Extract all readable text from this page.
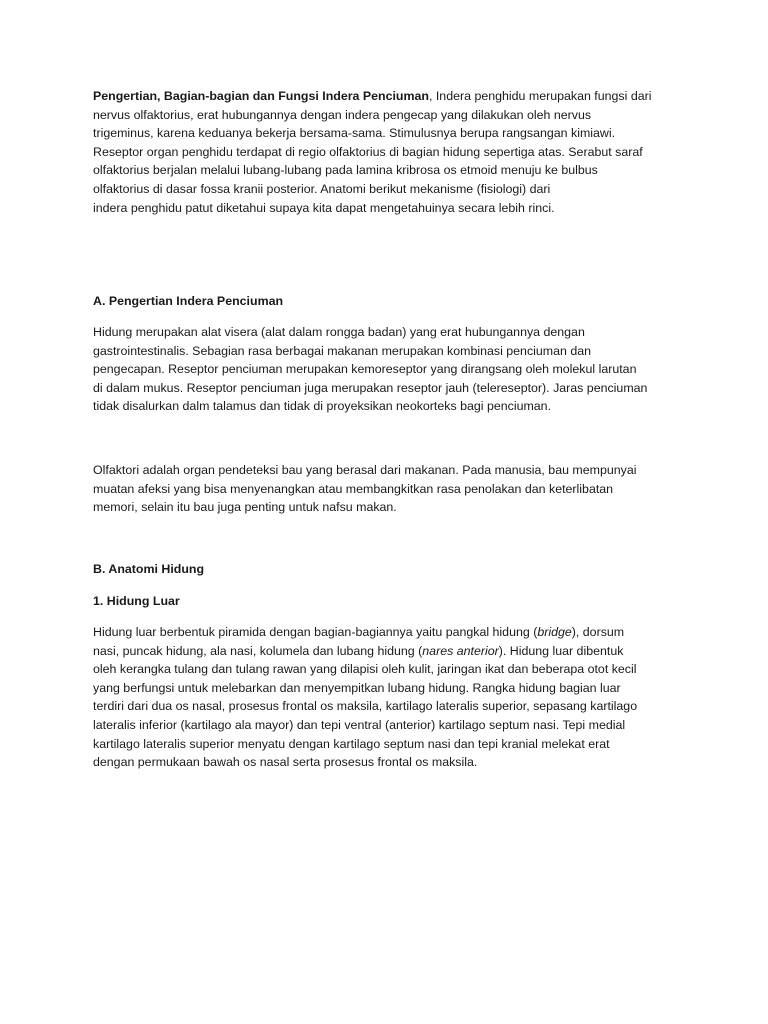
Pengertian, Bagian-bagian dan Fungsi Indera Penciuman, Indera penghidu merupakan fungsi dari
nervus olfaktorius, erat hubungannya dengan indera pengecap yang dilakukan oleh nervus
trigeminus, karena keduanya bekerja bersama-sama. Stimulusnya berupa rangsangan kimiawi.
Reseptor organ penghidu terdapat di regio olfaktorius di bagian hidung sepertiga atas. Serabut saraf
olfaktorius berjalan melalui lubang-lubang pada lamina kribrosa os etmoid menuju ke bulbus
olfaktorius di dasar fossa kranii posterior. Anatomi berikut mekanisme (fisiologi) dari
indera penghidu patut diketahui supaya kita dapat mengetahuinya secara lebih rinci.
A. Pengertian Indera Penciuman
Hidung merupakan alat visera (alat dalam rongga badan) yang erat hubungannya dengan
gastrointestinalis. Sebagian rasa berbagai makanan merupakan kombinasi penciuman dan
pengecapan. Reseptor penciuman merupakan kemoreseptor yang dirangsang oleh molekul larutan
di dalam mukus. Reseptor penciuman juga merupakan reseptor jauh (telereseptor). Jaras penciuman
tidak disalurkan dalm talamus dan tidak di proyeksikan neokorteks bagi penciuman.
Olfaktori adalah organ pendeteksi bau yang berasal dari makanan. Pada manusia, bau mempunyai
muatan afeksi yang bisa menyenangkan atau membangkitkan rasa penolakan dan keterlibatan
memori, selain itu bau juga penting untuk nafsu makan.
B. Anatomi Hidung
1. Hidung Luar
Hidung luar berbentuk piramida dengan bagian-bagiannya yaitu pangkal hidung (bridge), dorsum
nasi, puncak hidung, ala nasi, kolumela dan lubang hidung (nares anterior). Hidung luar dibentuk
oleh kerangka tulang dan tulang rawan yang dilapisi oleh kulit, jaringan ikat dan beberapa otot kecil
yang berfungsi untuk melebarkan dan menyempitkan lubang hidung. Rangka hidung bagian luar
terdiri dari dua os nasal, prosesus frontal os maksila, kartilago lateralis superior, sepasang kartilago
lateralis inferior (kartilago ala mayor) dan tepi ventral (anterior) kartilago septum nasi. Tepi medial
kartilago lateralis superior menyatu dengan kartilago septum nasi dan tepi kranial melekat erat
dengan permukaan bawah os nasal serta prosesus frontal os maksila.
